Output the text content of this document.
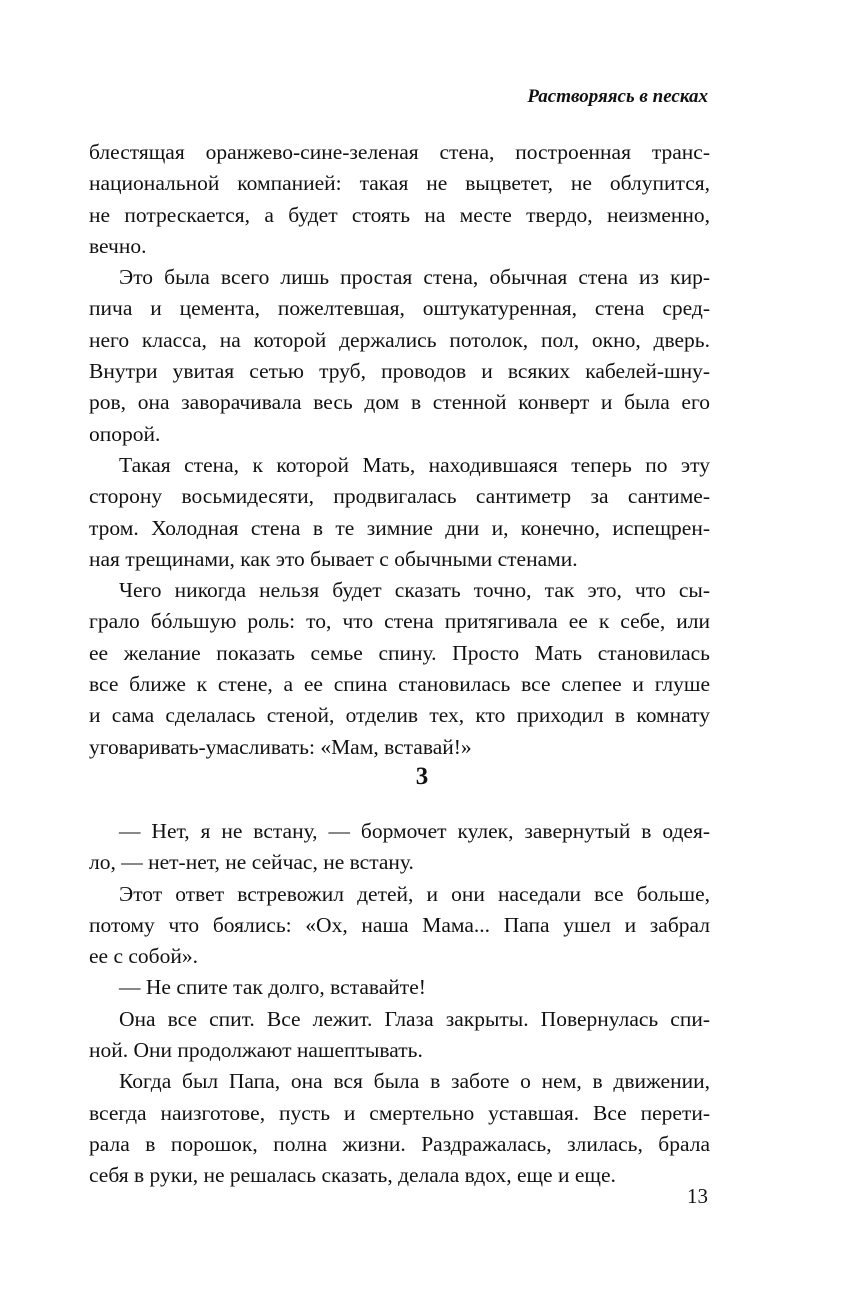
Растворяясь в песках

блестящая оранжево-сине-зеленая стена, построенная транс-
национальной компанией: такая не выцветет, не облупится,
не потрескается, а будет стоять на месте твердо, неизменно,
вечно.

Это была всего лишь простая стена, обычная стена из кир-
пича и цемента, пожелтевшая, оштукатуренная, стена сред-
него класса, на которой держались потолок, пол, окно, дверь.
Внутри увитая сетью труб, проводов и всяких кабелей-шну-
ров, она заворачивала весь дом в стенной конверт и была его
опорой.

Такая стена, к которой Мать, находившаяся теперь по эту
сторону восьмидесяти, продвигалась сантиметр за сантиме-
тром. Холодная стена в те зимние дни и, конечно, испещрен-
ная трещинами, как это бывает с обычными стенами.

Чего никогда нельзя будет сказать точно, так это, что сы-
грало бóльшую роль: то, что стена притягивала ее к себе, или
ее желание показать семье спину. Просто Мать становилась
все ближе к стене, а ее спина становилась все слепее и глуше
и сама сделалась стеной, отделив тех, кто приходил в комнату
уговаривать-умасливать: «Мам, вставай!»

3

— Нет, я не встану, — бормочет кулек, завернутый в одея-
ло, — нет-нет, не сейчас, не встану.

Этот ответ встревожил детей, и они наседали все больше,
потому что боялись: «Ох, наша Мама... Папа ушел и забрал
ее с собой».

— Не спите так долго, вставайте!

Она все спит. Все лежит. Глаза закрыты. Повернулась спи-
ной. Они продолжают нашептывать.

Когда был Папа, она вся была в заботе о нем, в движении,
всегда наизготове, пусть и смертельно уставшая. Все перети-
рала в порошок, полна жизни. Раздражалась, злилась, брала
себя в руки, не решалась сказать, делала вдох, еще и еще.

13
